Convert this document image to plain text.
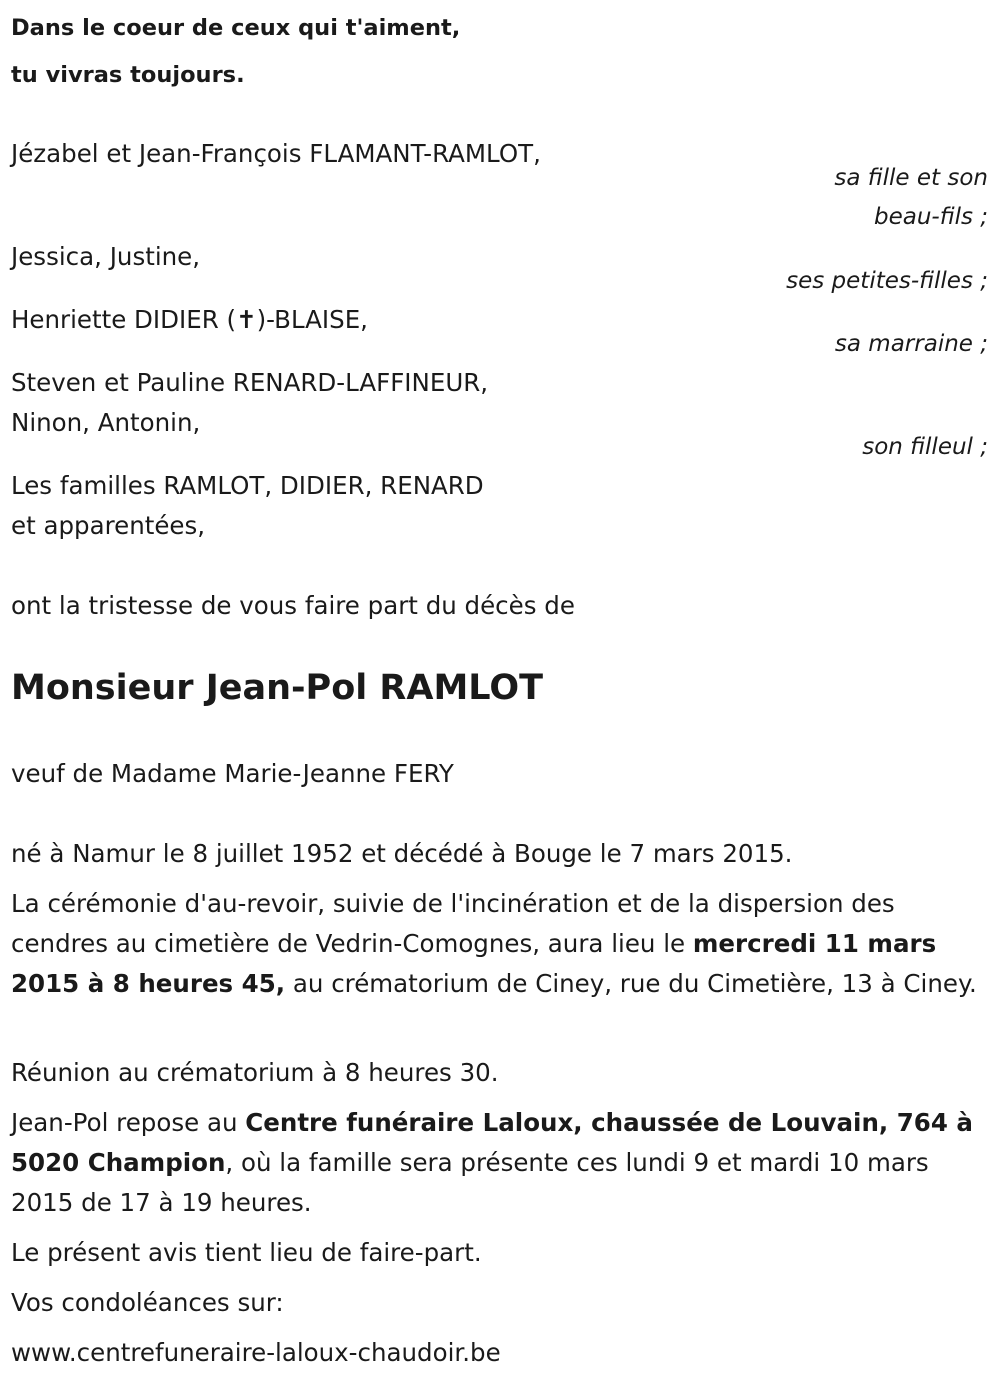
Dans le coeur de ceux qui t'aiment,
tu vivras toujours.
Jézabel et Jean-François FLAMANT-RAMLOT,
sa fille et son
beau-fils ;
Jessica, Justine,
ses petites-filles ;
Henriette DIDIER (✝)-BLAISE,
sa marraine ;
Steven et Pauline RENARD-LAFFINEUR,
Ninon, Antonin,
son filleul ;
Les familles RAMLOT, DIDIER, RENARD
et apparentées,
ont la tristesse de vous faire part du décès de
Monsieur Jean-Pol RAMLOT
veuf de Madame Marie-Jeanne FERY
né à Namur le 8 juillet 1952 et décédé à Bouge le 7 mars 2015.
La cérémonie d'au-revoir, suivie de l'incinération et de la dispersion des cendres au cimetière de Vedrin-Comognes, aura lieu le mercredi 11 mars 2015 à 8 heures 45, au crématorium de Ciney, rue du Cimetière, 13 à Ciney.
Réunion au crématorium à 8 heures 30.
Jean-Pol repose au Centre funéraire Laloux, chaussée de Louvain, 764 à 5020 Champion, où la famille sera présente ces lundi 9 et mardi 10 mars 2015 de 17 à 19 heures.
Le présent avis tient lieu de faire-part.
Vos condoléances sur:
www.centrefuneraire-laloux-chaudoir.be
